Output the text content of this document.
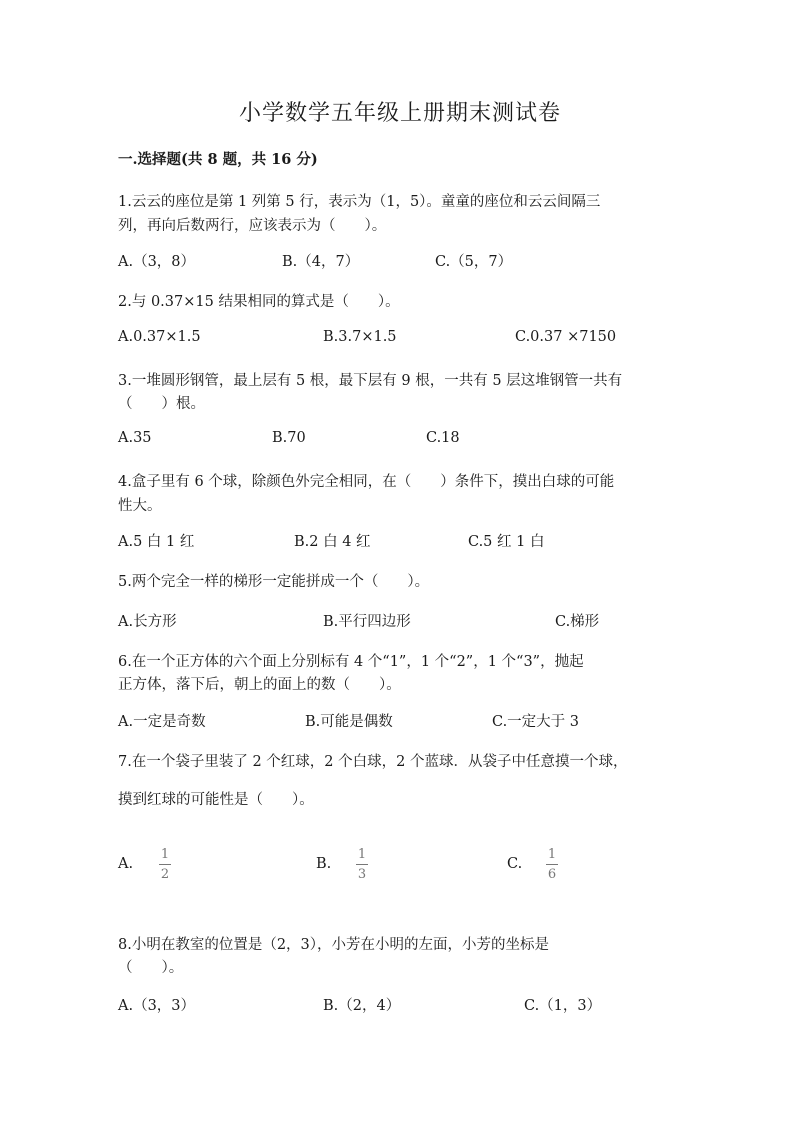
小学数学五年级上册期末测试卷
一.选择题(共 8 题，共 16 分)
1.云云的座位是第 1 列第 5 行，表示为（1，5）。童童的座位和云云间隔三
列，再向后数两行，应该表示为（　　）。
A.（3，8）	B.（4，7）	C.（5，7）
2.与 0.37×15 结果相同的算式是（　　）。
A.0.37×1.5	B.3.7×1.5	C.0.37 ×7150
3.一堆圆形钢管，最上层有 5 根，最下层有 9 根，一共有 5 层这堆钢管一共有
（　　）根。
A.35	B.70	C.18
4.盒子里有 6 个球，除颜色外完全相同，在（　　）条件下，摸出白球的可能
性大。
A.5 白 1 红	B.2 白 4 红	C.5 红 1 白
5.两个完全一样的梯形一定能拼成一个（　　）。
A.长方形	B.平行四边形	C.梯形
6.在一个正方体的六个面上分别标有 4 个“1”，1 个“2”，1 个“3”，抛起
正方体，落下后，朝上的面上的数（　　）。
A.一定是奇数	B.可能是偶数	C.一定大于 3
7.在一个袋子里装了 2 个红球，2 个白球，2 个蓝球．从袋子中任意摸一个球，
摸到红球的可能性是（　　）。
A.
1
2
B.
1
3
C.
1
6
8.小明在教室的位置是（2，3），小芳在小明的左面，小芳的坐标是
（　　）。
A.（3，3）	B.（2，4）	C.（1，3）
